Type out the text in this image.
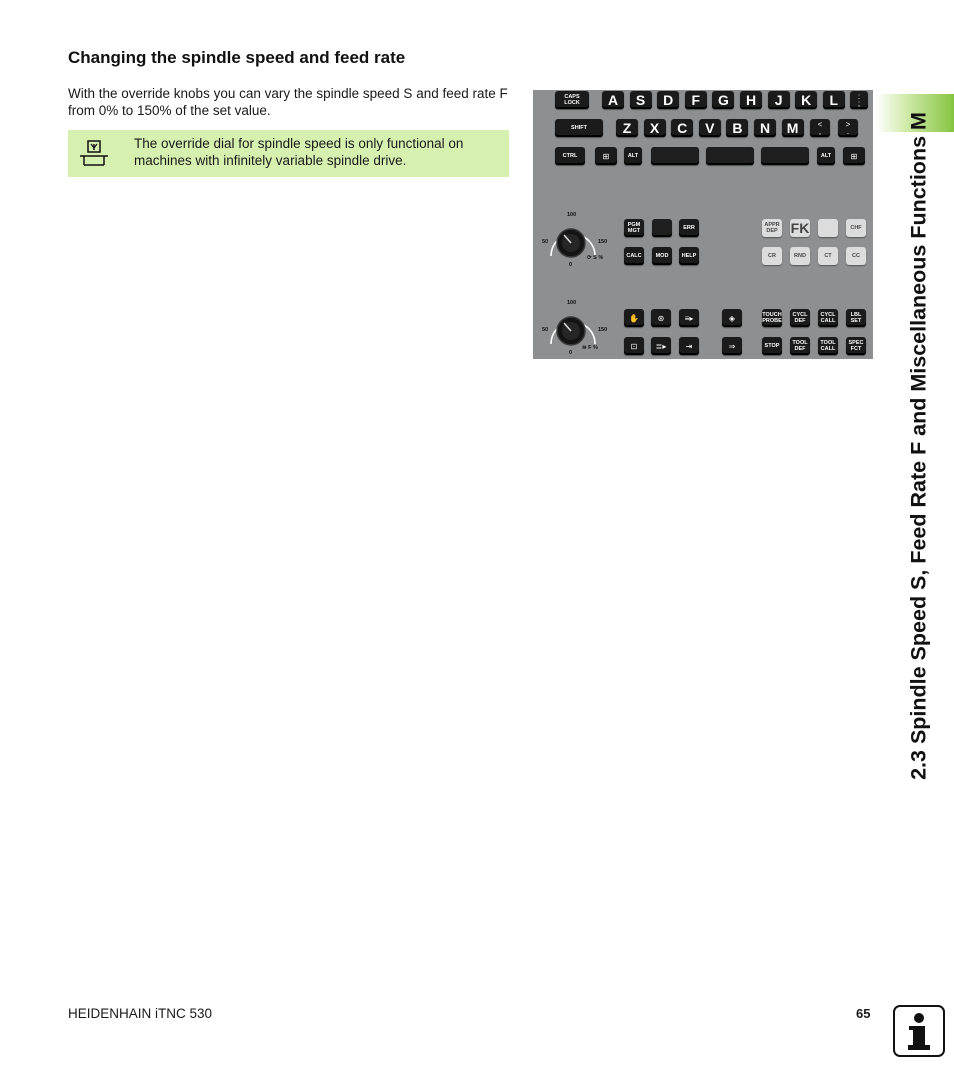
Changing the spindle speed and feed rate

With the override knobs you can vary the spindle speed S and feed rate F from 0% to 150% of the set value.

The override dial for spindle speed is only functional on machines with infinitely variable spindle drive.
CAPS
LOCK A S D F G H J K L :
;
SHIFT	Z X C V B N M <
,
>
.
CTRL	⊞	ALT	ALT	⊞
PGM
MGT	ERR
CALC	MOD HELP
APPR
DEP FK	CHF
CR	RND	CT	CC
✋	⊛	≡▸	◈
⊡	≣▸	⇥	⇒
TOUCH
PROBE
CYCL
DEF
CYCL
CALL
LBL
SET
STOP TOOL
DEF
TOOL
CALL
SPEC
FCT
100
50	150
0
⟳ S %
100
50	150
0
≋ F %	2.3 Spindle Speed S, Feed Rate F and Miscellaneous Functions M
HEIDENHAIN iTNC 530	65
